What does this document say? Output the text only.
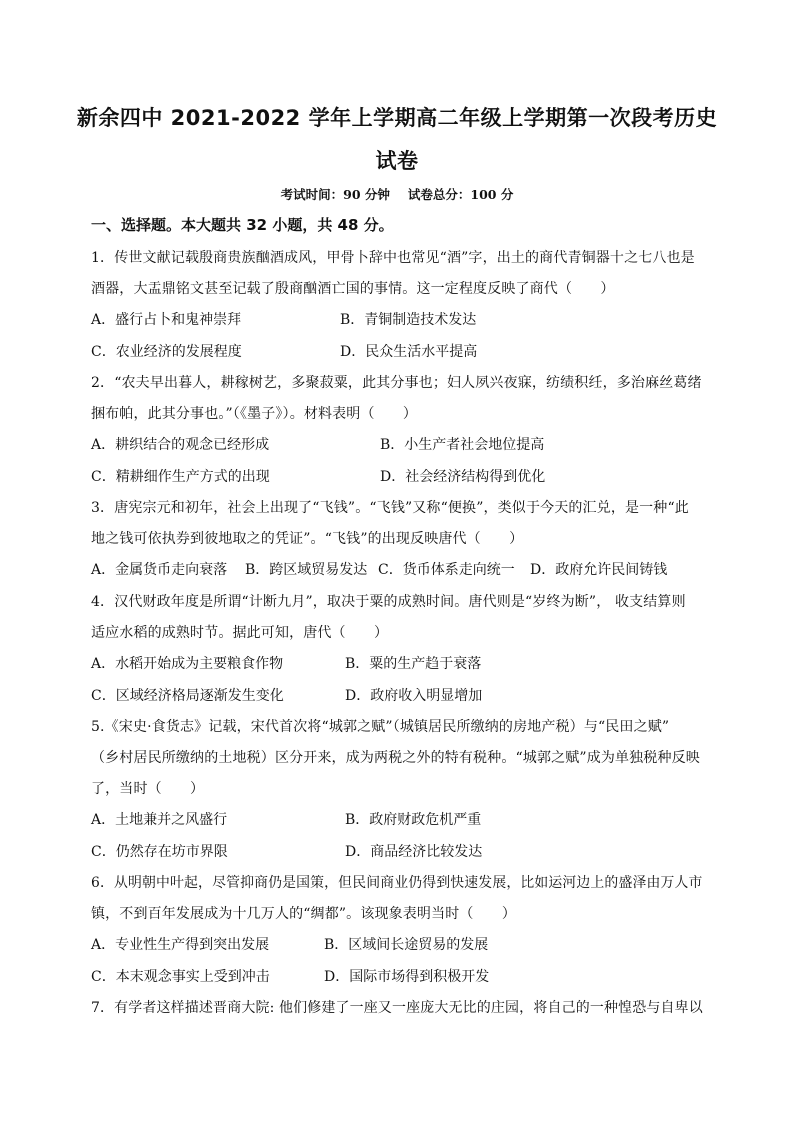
新余四中 2021-2022 学年上学期高二年级上学期第一次段考历史
试卷
考试时间：90 分钟 试卷总分：100 分
一、选择题。本大题共 32 小题，共 48 分。
1．传世文献记载殷商贵族酗酒成风，甲骨卜辞中也常见“酒”字，出土的商代青铜器十之七八也是
酒器，大盂鼎铭文甚至记载了殷商酗酒亡国的事情。这一定程度反映了商代（　　）
A．盛行占卜和鬼神崇拜	B．青铜制造技术发达
C．农业经济的发展程度	D．民众生活水平提高
2．“农夫早出暮人，耕稼树艺，多聚菽粟，此其分事也；妇人夙兴夜寐，纺绩积纴，多治麻丝葛绪
捆布帕，此其分事也。”（《墨子》）。材料表明（　　）
A．耕织结合的观念已经形成	B．小生产者社会地位提高
C．精耕细作生产方式的出现	D．社会经济结构得到优化
3．唐宪宗元和初年，社会上出现了“飞钱”。“飞钱”又称“便换”，类似于今天的汇兑，是一种“此
地之钱可依执券到彼地取之的凭证”。“飞钱”的出现反映唐代（　　）
A．金属货币走向衰落 B．跨区域贸易发达 C．货币体系走向统一 D．政府允许民间铸钱
4．汉代财政年度是所谓“计断九月”，取决于粟的成熟时间。唐代则是“岁终为断”， 收支结算则
适应水稻的成熟时节。据此可知，唐代（　　）
A．水稻开始成为主要粮食作物	B．粟的生产趋于衰落
C．区域经济格局逐渐发生变化	D．政府收入明显增加
5.《宋史·食货志》记载，宋代首次将“城郭之赋”（城镇居民所缴纳的房地产税）与“民田之赋”
（乡村居民所缴纳的土地税）区分开来，成为两税之外的特有税种。“城郭之赋”成为单独税种反映
了，当时（　　）
A．土地兼并之风盛行	B．政府财政危机严重
C．仍然存在坊市界限	D．商品经济比较发达
6．从明朝中叶起，尽管抑商仍是国策，但民间商业仍得到快速发展，比如运河边上的盛泽由万人市
镇，不到百年发展成为十几万人的“绸都”。该现象表明当时（　　）
A．专业性生产得到突出发展	B．区域间长途贸易的发展
C．本末观念事实上受到冲击	D．国际市场得到积极开发
7．有学者这样描述晋商大院: 他们修建了一座又一座庞大无比的庄园，将自己的一种惶恐与自卑以
